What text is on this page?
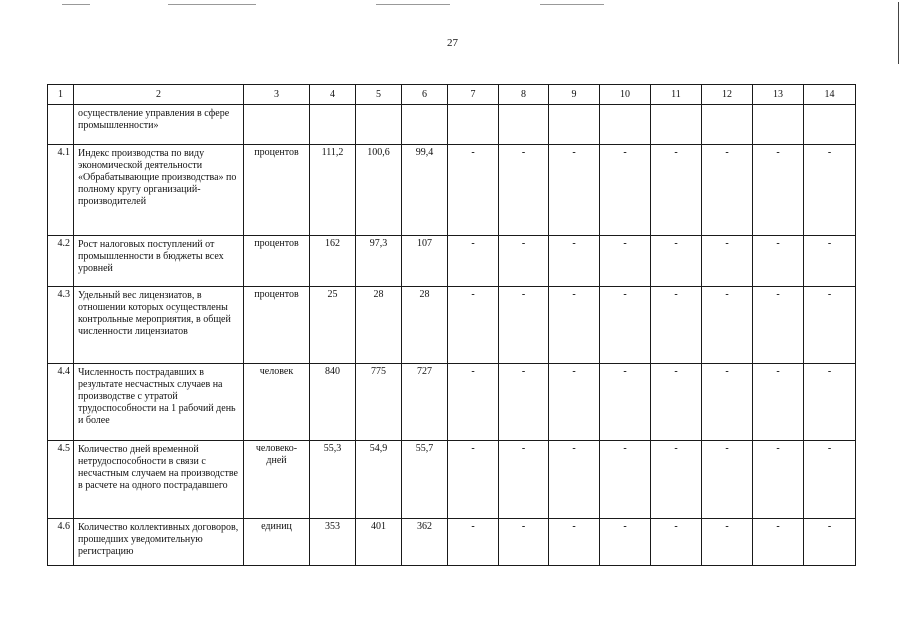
27
1	2	3	4	5	6	7	8	9	10	11	12	13	14
	осуществление управления в сфере промышленности»												
4.1	Индекс производства по виду экономической деятельности «Обрабатывающие производства» по полному кругу организаций-производителей	процентов	111,2	100,6	99,4	-	-	-	-	-	-	-	-
4.2	Рост налоговых поступлений от промышленности в бюджеты всех уровней	процентов	162	97,3	107	-	-	-	-	-	-	-	-
4.3	Удельный вес лицензиатов, в отношении которых осуществлены контрольные мероприятия, в общей численности лицензиатов	процентов	25	28	28	-	-	-	-	-	-	-	-
4.4	Численность пострадавших в результате несчастных случаев на производстве с утратой трудоспособности на 1 рабочий день и более	человек	840	775	727	-	-	-	-	-	-	-	-
4.5	Количество дней временной нетрудоспособности в связи с несчастным случаем на производстве в расчете на одного пострадавшего	человеко-дней	55,3	54,9	55,7	-	-	-	-	-	-	-	-
4.6	Количество коллективных договоров, прошедших уведомительную регистрацию	единиц	353	401	362	-	-	-	-	-	-	-	-
